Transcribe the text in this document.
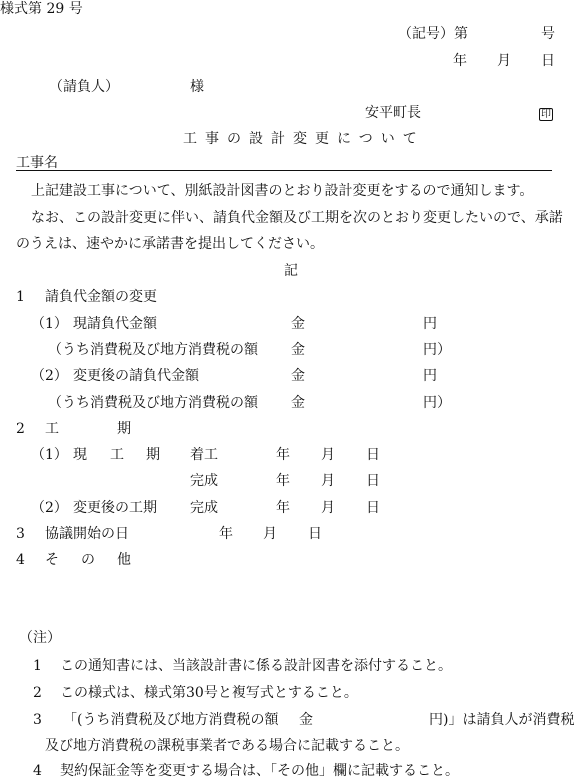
様式第 29 号
（記号）第	号
年 月 日
（請負人）	様
安平町長	印
工事の設計変更について
工事名
上記建設工事について、別紙設計図書のとおり設計変更をするので通知します。
なお、この設計変更に伴い、請負代金額及び工期を次のとおり変更したいので、承諾
のうえは、速やかに承諾書を提出してください。
記
1 請負代金額の変更
（1） 現請負代金額	金	円
（うち消費税及び地方消費税の額 金	円）
（2） 変更後の請負代金額	金	円
（うち消費税及び地方消費税の額 金	円）
2 工	期
（1） 現 工 期 着工	年 月 日
完成	年 月 日
（2） 変更後の工期 完成	年 月 日
3 協議開始の日	年 月 日
4 そ の 他
（注）
1 この通知書には、当該設計書に係る設計図書を添付すること。
2 この様式は、様式第30号と複写式とすること。
3 「(うち消費税及び地方消費税の額 金	円)」は請負人が消費税
及び地方消費税の課税事業者である場合に記載すること。
4 契約保証金等を変更する場合は、「その他」欄に記載すること。
